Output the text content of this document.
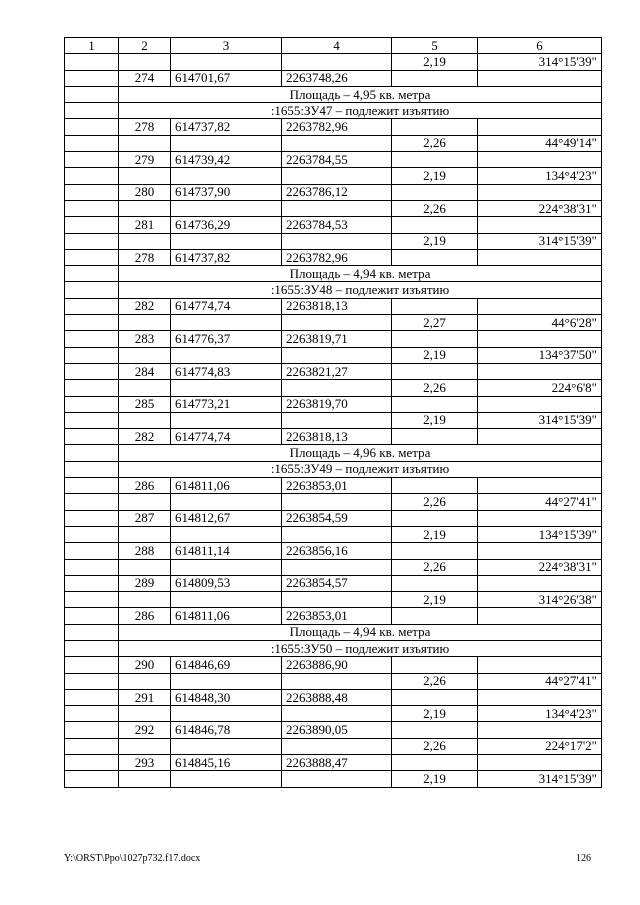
1	2	3	4	5	6
				2,19	314°15'39"
	274	614701,67	2263748,26		
	Площадь – 4,95 кв. метра				
	:1655:ЗУ47 – подлежит изъятию				
	278	614737,82	2263782,96		
				2,26	44°49'14"
	279	614739,42	2263784,55		
				2,19	134°4'23"
	280	614737,90	2263786,12		
				2,26	224°38'31"
	281	614736,29	2263784,53		
				2,19	314°15'39"
	278	614737,82	2263782,96		
	Площадь – 4,94 кв. метра				
	:1655:ЗУ48 – подлежит изъятию				
	282	614774,74	2263818,13		
				2,27	44°6'28"
	283	614776,37	2263819,71		
				2,19	134°37'50"
	284	614774,83	2263821,27		
				2,26	224°6'8"
	285	614773,21	2263819,70		
				2,19	314°15'39"
	282	614774,74	2263818,13		
	Площадь – 4,96 кв. метра				
	:1655:ЗУ49 – подлежит изъятию				
	286	614811,06	2263853,01		
				2,26	44°27'41"
	287	614812,67	2263854,59		
				2,19	134°15'39"
	288	614811,14	2263856,16		
				2,26	224°38'31"
	289	614809,53	2263854,57		
				2,19	314°26'38"
	286	614811,06	2263853,01		
	Площадь – 4,94 кв. метра				
	:1655:ЗУ50 – подлежит изъятию				
	290	614846,69	2263886,90		
				2,26	44°27'41"
	291	614848,30	2263888,48		
				2,19	134°4'23"
	292	614846,78	2263890,05		
				2,26	224°17'2"
	293	614845,16	2263888,47		
				2,19	314°15'39"
Y:\ORST\Ppo\1027p732.f17.docx	126
